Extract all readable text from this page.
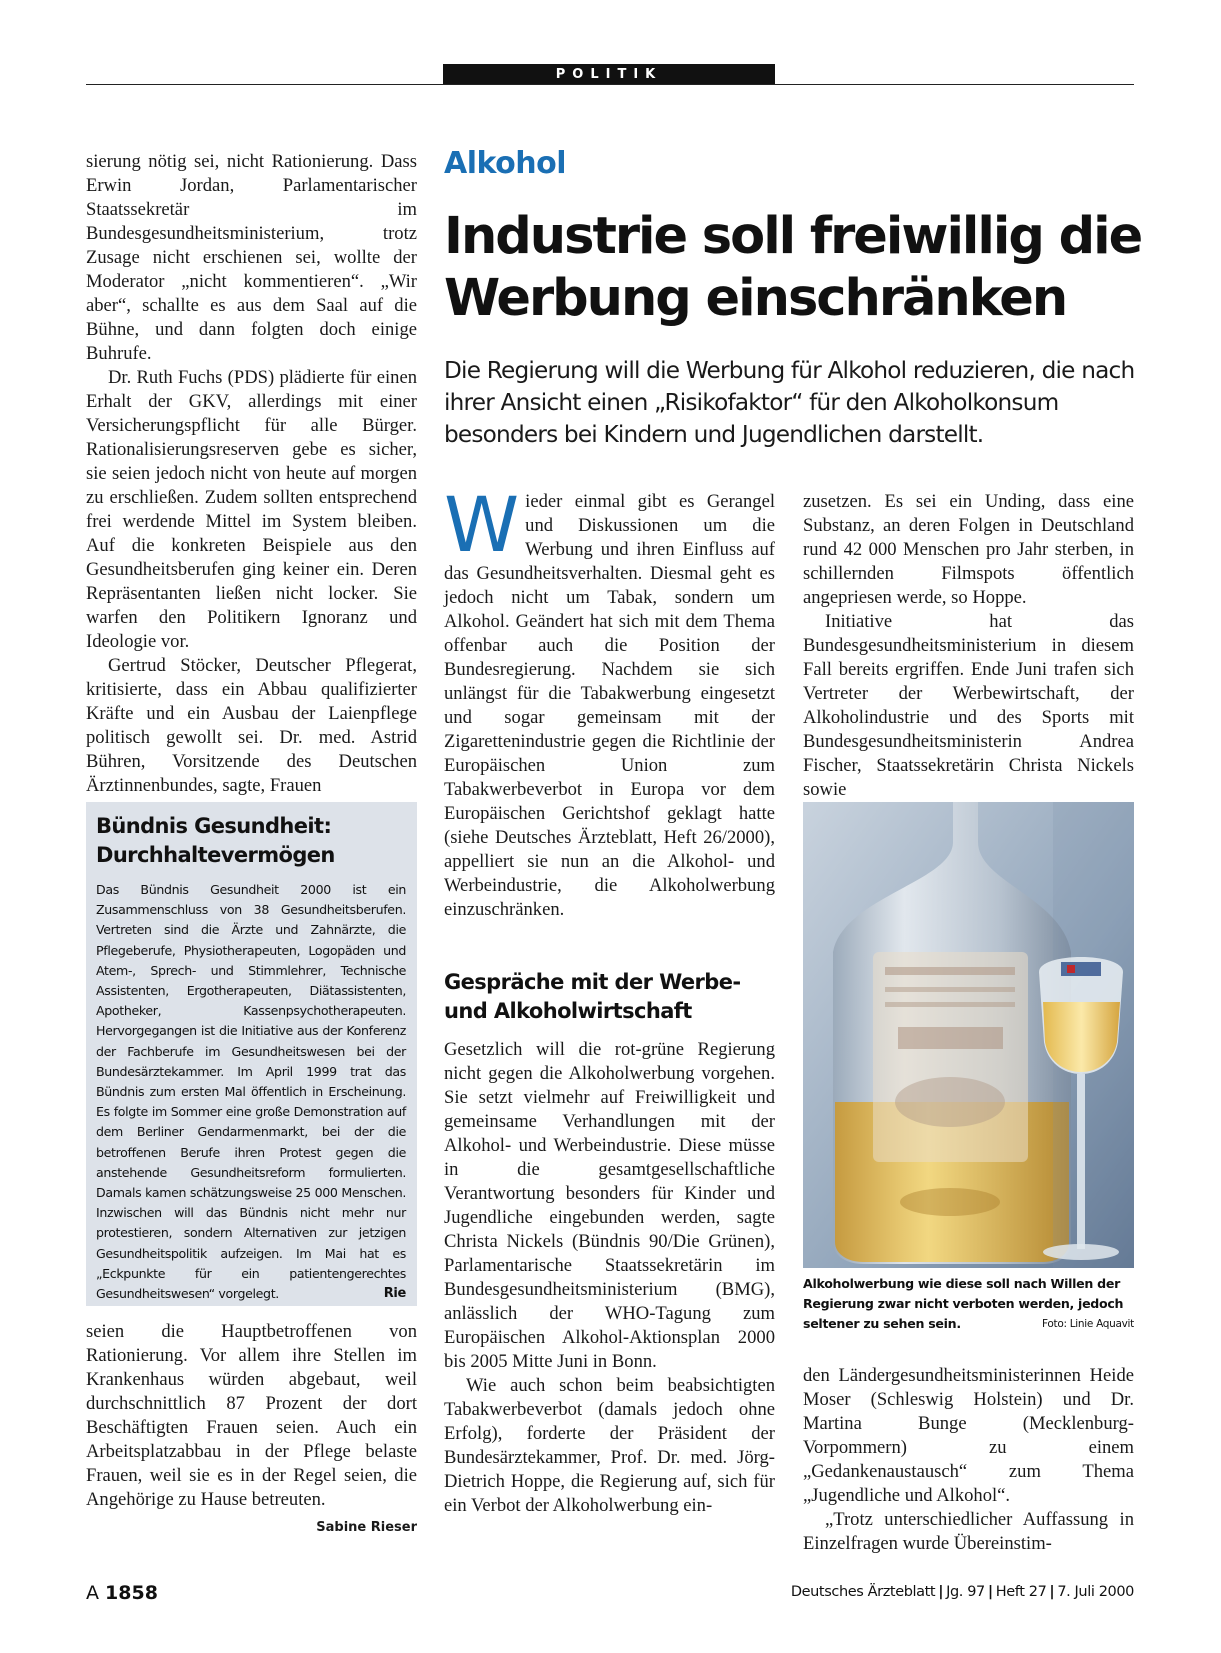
POLITIK

sierung nötig sei, nicht Rationierung. Dass Erwin Jordan, Parlamentarischer Staatssekretär im Bundesgesundheitsministerium, trotz Zusage nicht erschienen sei, wollte der Moderator „nicht kommentieren“. „Wir aber“, schallte es aus dem Saal auf die Bühne, und dann folgten doch einige Buhrufe.

Dr. Ruth Fuchs (PDS) plädierte für einen Erhalt der GKV, allerdings mit einer Versicherungspflicht für alle Bürger. Rationalisierungsreserven gebe es sicher, sie seien jedoch nicht von heute auf morgen zu erschließen. Zudem sollten entsprechend frei werdende Mittel im System bleiben. Auf die konkreten Beispiele aus den Gesundheitsberufen ging keiner ein. Deren Repräsentanten ließen nicht locker. Sie warfen den Politikern Ignoranz und Ideologie vor.

Gertrud Stöcker, Deutscher Pflegerat, kritisierte, dass ein Abbau qualifizierter Kräfte und ein Ausbau der Laienpflege politisch gewollt sei. Dr. med. Astrid Bühren, Vorsitzende des Deutschen Ärztinnenbundes, sagte, Frauen

Bündnis Gesundheit: Durchhaltevermögen
Das Bündnis Gesundheit 2000 ist ein Zusammenschluss von 38 Gesundheitsberufen. Vertreten sind die Ärzte und Zahnärzte, die Pflegeberufe, Physiotherapeuten, Logopäden und Atem-, Sprech- und Stimmlehrer, Technische Assistenten, Ergotherapeuten, Diätassistenten, Apotheker, Kassenpsychotherapeuten. Hervorgegangen ist die Initiative aus der Konferenz der Fachberufe im Gesundheitswesen bei der Bundesärztekammer. Im April 1999 trat das Bündnis zum ersten Mal öffentlich in Erscheinung. Es folgte im Sommer eine große Demonstration auf dem Berliner Gendarmenmarkt, bei der die betroffenen Berufe ihren Protest gegen die anstehende Gesundheitsreform formulierten. Damals kamen schätzungsweise 25 000 Menschen. Inzwischen will das Bündnis nicht mehr nur protestieren, sondern Alternativen zur jetzigen Gesundheitspolitik aufzeigen. Im Mai hat es „Eckpunkte für ein patientengerechtes Gesundheitswesen“ vorgelegt.	Rie

seien die Hauptbetroffenen von Rationierung. Vor allem ihre Stellen im Krankenhaus würden abgebaut, weil durchschnittlich 87 Prozent der dort Beschäftigten Frauen seien. Auch ein Arbeitsplatzabbau in der Pflege belaste Frauen, weil sie es in der Regel seien, die Angehörige zu Hause betreuten.
Sabine Rieser

Alkohol
Industrie soll freiwillig die Werbung einschränken
Die Regierung will die Werbung für Alkohol reduzieren, die nach ihrer Ansicht einen „Risikofaktor“ für den Alkoholkonsum besonders bei Kindern und Jugendlichen darstellt.

Wieder einmal gibt es Gerangel und Diskussionen um die Werbung und ihren Einfluss auf das Gesundheitsverhalten. Diesmal geht es jedoch nicht um Tabak, sondern um Alkohol. Geändert hat sich mit dem Thema offenbar auch die Position der Bundesregierung. Nachdem sie sich unlängst für die Tabakwerbung eingesetzt und sogar gemeinsam mit der Zigarettenindustrie gegen die Richtlinie der Europäischen Union zum Tabakwerbeverbot in Europa vor dem Europäischen Gerichtshof geklagt hatte (siehe Deutsches Ärzteblatt, Heft 26/2000), appelliert sie nun an die Alkohol- und Werbeindustrie, die Alkoholwerbung einzuschränken.

Gespräche mit der Werbe- und Alkoholwirtschaft

Gesetzlich will die rot-grüne Regierung nicht gegen die Alkoholwerbung vorgehen. Sie setzt vielmehr auf Freiwilligkeit und gemeinsame Verhandlungen mit der Alkohol- und Werbeindustrie. Diese müsse in die gesamtgesellschaftliche Verantwortung besonders für Kinder und Jugendliche eingebunden werden, sagte Christa Nickels (Bündnis 90/Die Grünen), Parlamentarische Staatssekretärin im Bundesgesundheitsministerium (BMG), anlässlich der WHO-Tagung zum Europäischen Alkohol-Aktionsplan 2000 bis 2005 Mitte Juni in Bonn.

Wie auch schon beim beabsichtigten Tabakwerbeverbot (damals jedoch ohne Erfolg), forderte der Präsident der Bundesärztekammer, Prof. Dr. med. Jörg-Dietrich Hoppe, die Regierung auf, sich für ein Verbot der Alkoholwerbung ein-

zusetzen. Es sei ein Unding, dass eine Substanz, an deren Folgen in Deutschland rund 42 000 Menschen pro Jahr sterben, in schillernden Filmspots öffentlich angepriesen werde, so Hoppe.

Initiative hat das Bundesgesundheitsministerium in diesem Fall bereits ergriffen. Ende Juni trafen sich Vertreter der Werbewirtschaft, der Alkoholindustrie und des Sports mit Bundesgesundheitsministerin Andrea Fischer, Staatssekretärin Christa Nickels sowie

Alkoholwerbung wie diese soll nach Willen der Regierung zwar nicht verboten werden, jedoch seltener zu sehen sein.	Foto: Linie Aquavit

den Ländergesundheitsministerinnen Heide Moser (Schleswig Holstein) und Dr. Martina Bunge (Mecklenburg-Vorpommern) zu einem „Gedankenaustausch“ zum Thema „Jugendliche und Alkohol“.

„Trotz unterschiedlicher Auffassung in Einzelfragen wurde Übereinstim-

A 1858	Deutsches Ärzteblatt | Jg. 97 | Heft 27 | 7. Juli 2000
